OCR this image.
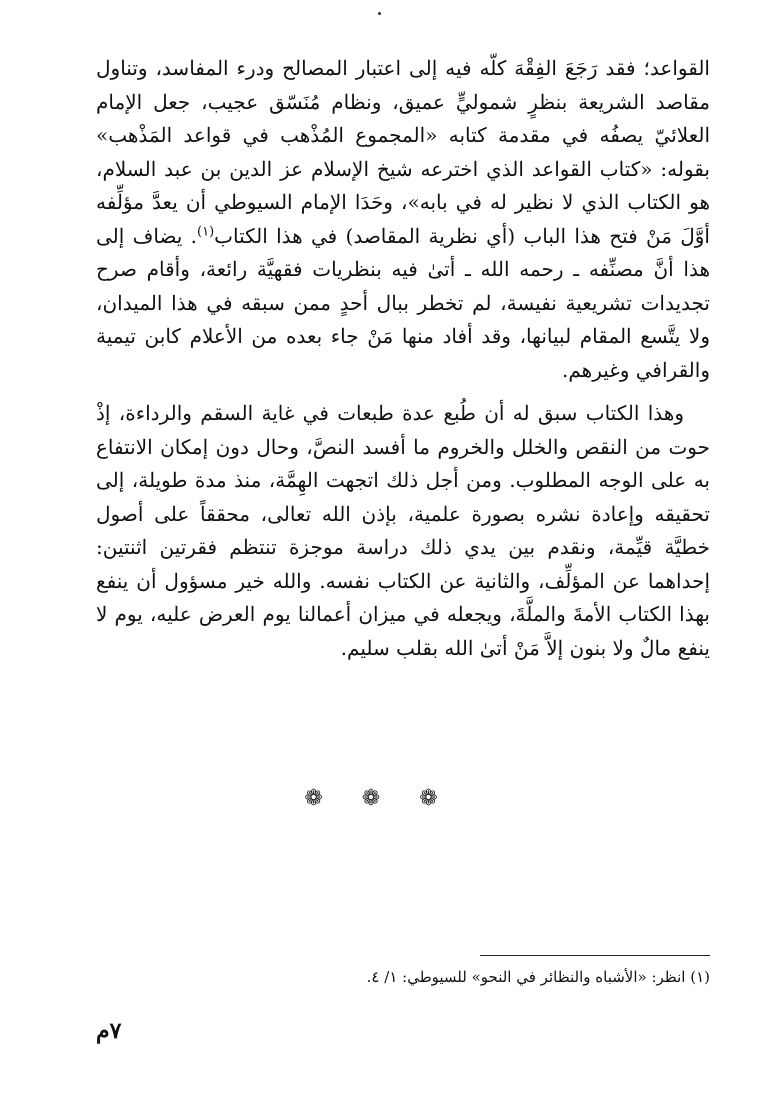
القواعد؛ فقد رَجَعَ الفِقْهَ كلّه فيه إلى اعتبار المصالح ودرء المفاسد، وتناول مقاصد الشريعة بنظرٍ شموليٍّ عميق، ونظام مُنَسّق عجيب، جعل الإمام العلائيّ يصفُه في مقدمة كتابه «المجموع المُذْهب في قواعد المَذْهب» بقوله: «كتاب القواعد الذي اخترعه شيخ الإسلام عز الدين بن عبد السلام، هو الكتاب الذي لا نظير له في بابه»، وحَدَا الإمام السيوطي أن يعدَّ مؤلِّفه أوَّلَ مَنْ فتح هذا الباب (أي نظرية المقاصد) في هذا الكتاب$^{(١)}$. يضاف إلى هذا أنَّ مصنِّفه ـ رحمه الله ـ أتىٰ فيه بنظريات فقهيَّة رائعة، وأقام صرح تجديدات تشريعية نفيسة، لم تخطر ببال أحدٍ ممن سبقه في هذا الميدان، ولا يتَّسع المقام لبيانها، وقد أفاد منها مَنْ جاء بعده من الأعلام كابن تيمية والقرافي وغيرهم.

وهذا الكتاب سبق له أن طُبع عدة طبعات في غاية السقم والرداءة، إذْ حوت من النقص والخلل والخروم ما أفسد النصَّ، وحال دون إمكان الانتفاع به على الوجه المطلوب. ومن أجل ذلك اتجهت الهِمَّة، منذ مدة طويلة، إلى تحقيقه وإعادة نشره بصورة علمية، بإذن الله تعالى، محققاً على أصول خطيَّة قيِّمة، ونقدم بين يدي ذلك دراسة موجزة تنتظم فقرتين اثنتين: إحداهما عن المؤلِّف، والثانية عن الكتاب نفسه. والله خير مسؤول أن ينفع بهذا الكتاب الأمةَ والملَّةَ، ويجعله في ميزان أعمالنا يوم العرض عليه، يوم لا ينفع مالٌ ولا بنون إلاَّ مَنْ أتىٰ الله بقلب سليم.

❁ ❁ ❁
(١) انظر: «الأشباه والنظائر في النحو» للسيوطي: ١/ ٤.
٧م
